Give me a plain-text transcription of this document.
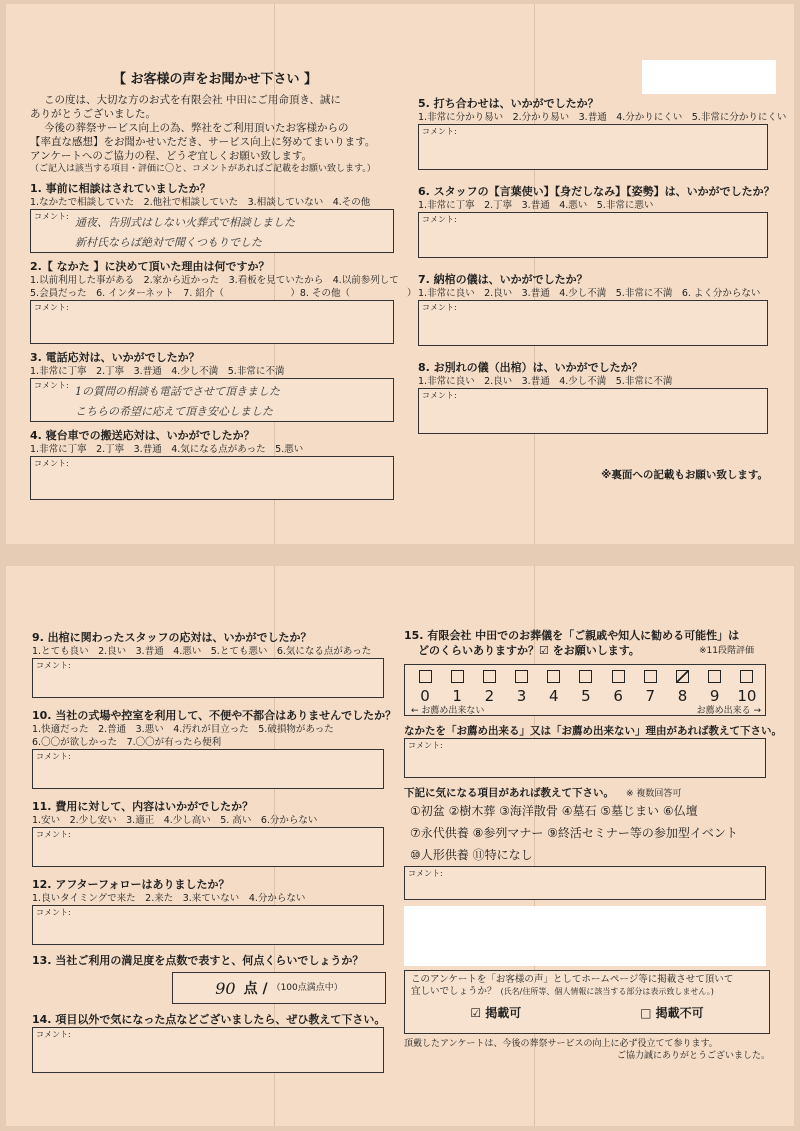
【 お客様の声をお聞かせ下さい 】
この度は、大切な方のお式を有限会社 中田にご用命頂き、誠に
ありがとうございました。
今後の葬祭サービス向上の為、弊社をご利用頂いたお客様からの
【率直な感想】をお聞かせいただき、サービス向上に努めてまいります。
アンケートへのご協力の程、どうぞ宜しくお願い致します。
（ご記入は該当する項目・評価に〇と、コメントがあればご記載をお願い致します。）
1. 事前に相談はされていましたか？
1.なかたで相談していた　2.他社で相談していた　3.相談していない　4.その他
コメント: 通夜、告別式はしない火葬式で相談しました
新村氏ならば絶対で聞くつもりでした
2.【 なかた 】に決めて頂いた理由は何ですか？
1.以前利用した事がある　2.家から近かった　3.看板を見ていたから　4.以前参列して
5.会員だった　6. インターネット　7. 紹介（　　　　　　　）8. その他（　　　　　　）
コメント:
3. 電話応対は、いかがでしたか？
1.非常に丁寧　2.丁寧　3.普通　4.少し不満　5.非常に不満
コメント: 1の質問の相談も電話でさせて頂きました
こちらの希望に応えて頂き安心しました
4. 寝台車での搬送応対は、いかがでしたか？
1.非常に丁寧　2.丁寧　3.普通　4.気になる点があった　5.悪い
コメント:
5. 打ち合わせは、いかがでしたか？
1.非常に分かり易い　2.分かり易い　3.普通　4.分かりにくい　5.非常に分かりにくい
コメント:
6. スタッフの【言葉使い】【身だしなみ】【姿勢】は、いかがでしたか？
1.非常に丁寧　2.丁寧　3.普通　4.悪い　5.非常に悪い
コメント:
7. 納棺の儀は、いかがでしたか？
1.非常に良い　2.良い　3.普通　4.少し不満　5.非常に不満　6. よく分からない
コメント:
8. お別れの儀（出棺）は、いかがでしたか？
1.非常に良い　2.良い　3.普通　4.少し不満　5.非常に不満
コメント:
※裏面への記載もお願い致します。
9. 出棺に関わったスタッフの応対は、いかがでしたか？
1.とても良い　2.良い　3.普通　4.悪い　5.とても悪い　6.気になる点があった
コメント:
10. 当社の式場や控室を利用して、不便や不都合はありませんでしたか？
1.快適だった　2.普通　3.悪い　4.汚れが目立った　5.破損物があった
6.〇〇が欲しかった　7.〇〇が有ったら便利
コメント:
11. 費用に対して、内容はいかがでしたか？
1.安い　2.少し安い　3.適正　4.少し高い　5. 高い　6.分からない
コメント:
12. アフターフォローはありましたか？
1.良いタイミングで来た　2.来た　3.来ていない　4.分からない
コメント:
13. 当社ご利用の満足度を点数で表すと、何点くらいでしょうか？
90 点 / （100点満点中）
14. 項目以外で気になった点などございましたら、ぜひ教えて下さい。
コメント:
15. 有限会社 中田でのお葬儀を「ご親戚や知人に勧める可能性」は
どのくらいありますか？☑ をお願いします。	※11段階評価
0	1	2	3	4	5	6	7	8	9	10
← お薦め出来ない	お薦め出来る →
なかたを「お薦め出来る」又は「お薦め出来ない」理由があれば教えて下さい。
コメント:
下記に気になる項目があれば教えて下さい。 ※ 複数回答可
①初盆 ②樹木葬 ③海洋散骨 ④墓石 ⑤墓じまい ⑥仏壇
⑦永代供養 ⑧参列マナー ⑨終活セミナー等の参加型イベント
⑩人形供養 ⑪特になし
コメント:
このアンケートを「お客様の声」としてホームページ等に掲載させて頂いて
宜しいでしょうか？ (氏名/住所等、個人情報に該当する部分は表示致しません。)
☑ 掲載可	□ 掲載不可
頂戴したアンケートは、今後の葬祭サービスの向上に必ず役立てて参ります。
ご協力誠にありがとうございました。
